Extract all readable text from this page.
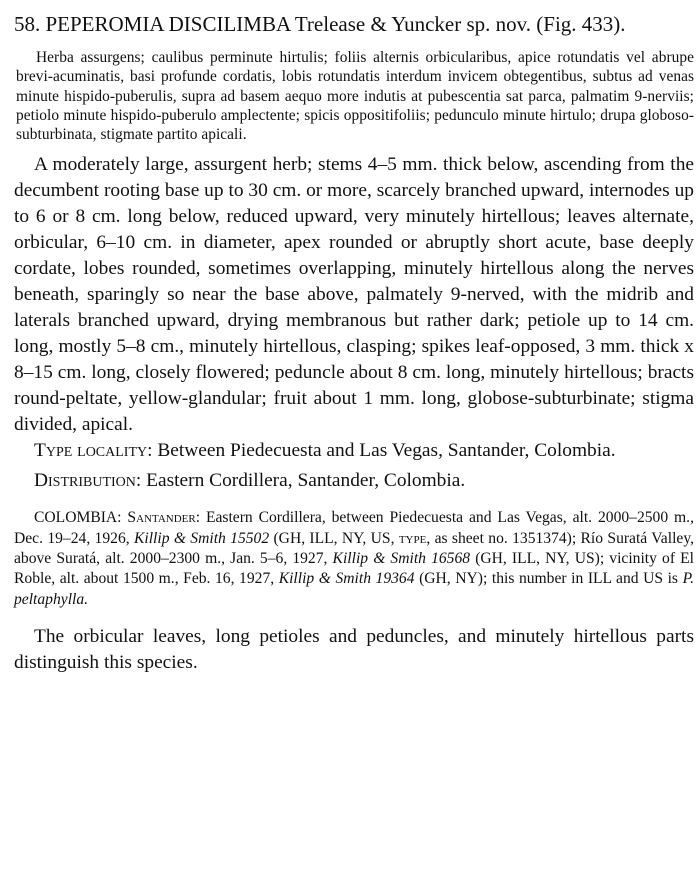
58. PEPEROMIA DISCILIMBA Trelease & Yuncker sp. nov. (Fig. 433).

Herba assurgens; caulibus perminute hirtulis; foliis alternis orbicularibus, apice rotundatis vel abrupe brevi-acuminatis, basi profunde cordatis, lobis rotundatis interdum invicem obtegentibus, subtus ad venas minute hispido-puberulis, supra ad basem aequo more indutis at pubescentia sat parca, palmatim 9-nerviis; petiolo minute hispido-puberulo amplectente; spicis oppositifoliis; pedunculo minute hirtulo; drupa globoso-subturbinata, stigmate partito apicali.

A moderately large, assurgent herb; stems 4–5 mm. thick below, ascending from the decumbent rooting base up to 30 cm. or more, scarcely branched upward, internodes up to 6 or 8 cm. long below, reduced upward, very minutely hirtellous; leaves alternate, orbicular, 6–10 cm. in diameter, apex rounded or abruptly short acute, base deeply cordate, lobes rounded, sometimes overlapping, minutely hirtellous along the nerves beneath, sparingly so near the base above, palmately 9-nerved, with the midrib and laterals branched upward, drying membranous but rather dark; petiole up to 14 cm. long, mostly 5–8 cm., minutely hirtellous, clasping; spikes leaf-opposed, 3 mm. thick x 8–15 cm. long, closely flowered; peduncle about 8 cm. long, minutely hirtellous; bracts round-peltate, yellow-glandular; fruit about 1 mm. long, globose-subturbinate; stigma divided, apical.

Type locality: Between Piedecuesta and Las Vegas, Santander, Colombia.

Distribution: Eastern Cordillera, Santander, Colombia.

COLOMBIA: Santander: Eastern Cordillera, between Piedecuesta and Las Vegas, alt. 2000–2500 m., Dec. 19–24, 1926, Killip & Smith 15502 (GH, ILL, NY, US, type, as sheet no. 1351374); Río Suratá Valley, above Suratá, alt. 2000–2300 m., Jan. 5–6, 1927, Killip & Smith 16568 (GH, ILL, NY, US); vicinity of El Roble, alt. about 1500 m., Feb. 16, 1927, Killip & Smith 19364 (GH, NY); this number in ILL and US is P. peltaphylla.

The orbicular leaves, long petioles and peduncles, and minutely hirtellous parts distinguish this species.
